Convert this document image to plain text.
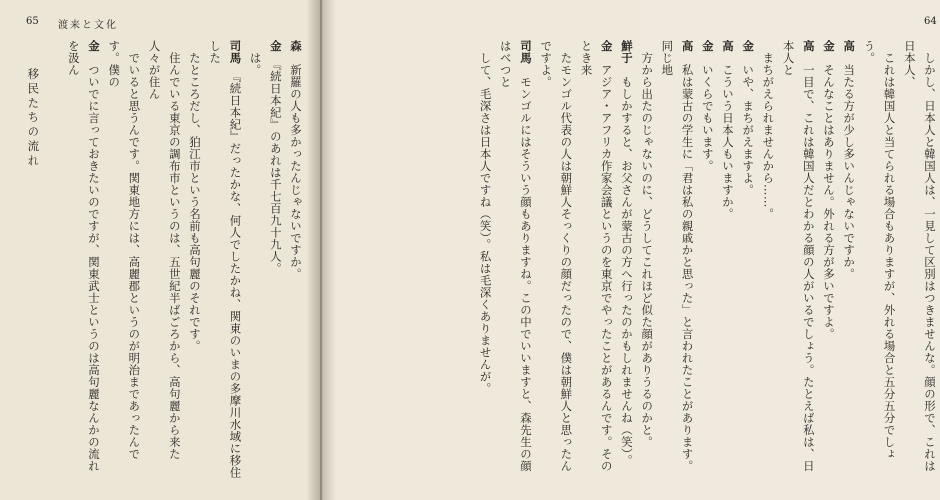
65 渡来と文化

森　新羅の人も多かったんじゃないですか。

金　『続日本紀』のあれは千七百九十九人。

　は。

司馬　『続日本紀』だったかな、何人でしたかね、関東のいまの多摩川水域に移住した

　たところだし、狛江市という名前も高句麗のそれです。

　住んでいる東京の調布市というのは、五世紀半ばごろから、高句麗から来た人々が住ん

　でいると思うんです。関東地方には、高麗郡というのが明治まであったんです。僕の

金　ついでに言っておきたいのですが、関東武士というのは高句麗なんかの流れを汲ん

移民たちの流れ

64

　しかし、日本人と韓国人は、一見して区別はつきませんな。顔の形で、これは日本人、

　これは韓国人と当てられる場合もありますが、外れる場合と五分五分でしょう。

高　当たる方が少し多いんじゃないですか。

金　そんなことはありません。外れる方が多いですよ。

高　一目で、これは韓国人だとわかる顔の人がいるでしょう。たとえば私は、日本人と

　まちがえられませんから……。

金　いや、まちがえますよ。

高　こういう日本人もいますか。

金　いくらでもいます。

高　私は蒙古の学生に「君は私の親戚かと思った」と言われたことがあります。同じ地

　方から出たのじゃないのに、どうしてこれほど似た顔がありうるのかと。

鮮于　もしかすると、お父さんが蒙古の方へ行ったのかもしれませんね（笑）。

金　アジア・アフリカ作家会議というのを東京でやったことがあるんです。そのとき来

　たモンゴル代表の人は朝鮮人そっくりの顔だったので、僕は朝鮮人と思ったんですよ。

司馬　モンゴルにはそういう顔もありますね。この中でいいますと、森先生の顔はべつと

　して、毛深さは日本人ですね（笑）。私は毛深くありませんが。
